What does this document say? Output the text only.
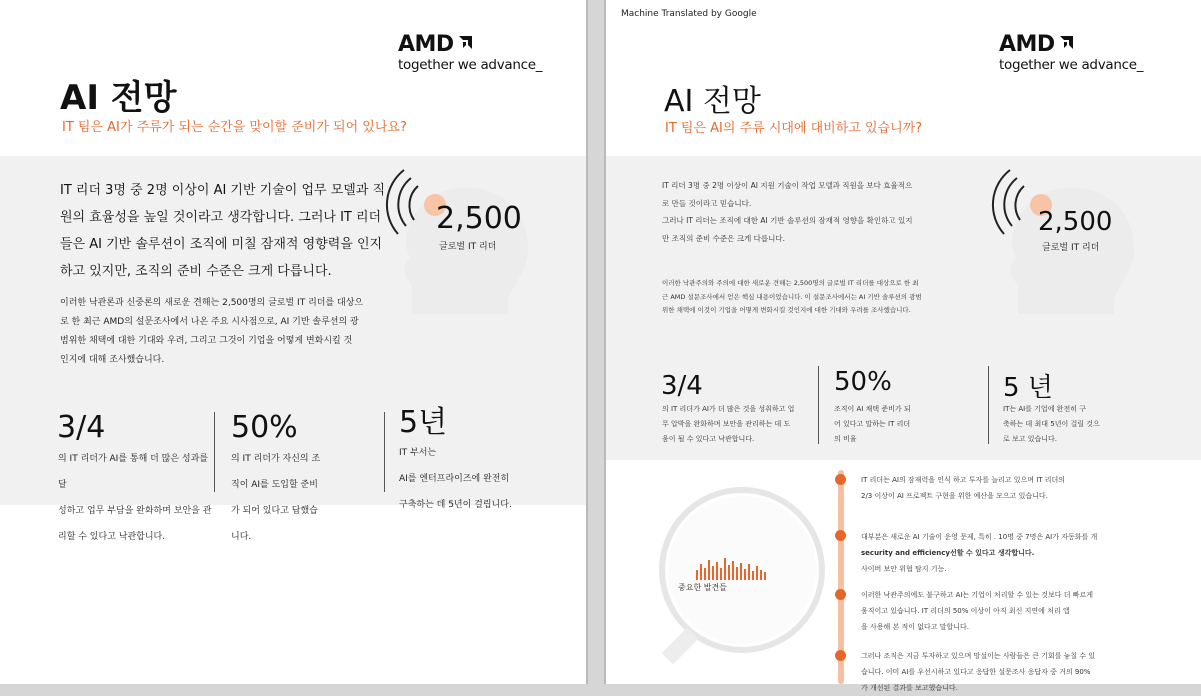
AMD
together we advance_
AI 전망
IT 팀은 AI가 주류가 되는 순간을 맞이할 준비가 되어 있나요?
IT 리더 3명 중 2명 이상이 AI 기반 기술이 업무 모델과 직
원의 효율성을 높일 것이라고 생각합니다. 그러나 IT 리더
들은 AI 기반 솔루션이 조직에 미칠 잠재적 영향력을 인지
하고 있지만, 조직의 준비 수준은 크게 다릅니다.
이러한 낙관론과 신중론의 새로운 견해는 2,500명의 글로벌 IT 리더를 대상으
로 한 최근 AMD의 설문조사에서 나온 주요 시사점으로, AI 기반 솔루션의 광
범위한 채택에 대한 기대와 우려, 그리고 그것이 기업을 어떻게 변화시킬 것
인지에 대해 조사했습니다.
2,500
글로벌 IT 리더
3/4
의 IT 리더가 AI를 통해 더 많은 성과를 달
성하고 업무 부담을 완화하며 보안을 관
리할 수 있다고 낙관합니다.
50%
의 IT 리더가 자신의 조
직이 AI를 도입할 준비
가 되어 있다고 답했습
니다.
5년
IT 부서는
AI를 엔터프라이즈에 완전히
구축하는 데 5년이 걸립니다.
Machine Translated by Google
AMD
together we advance_
AI 전망
IT 팀은 AI의 주류 시대에 대비하고 있습니까?
IT 리더 3명 중 2명 이상이 AI 지원 기술이 작업 모델과 직원을 보다 효율적으
로 만들 것이라고 믿습니다.
그러나 IT 리더는 조직에 대한 AI 기반 솔루션의 잠재적 영향을 확인하고 있지
만 조직의 준비 수준은 크게 다릅니다.
이러한 낙관주의와 주의에 대한 새로운 견해는 2,500명의 글로벌 IT 리더를 대상으로 한 최
근 AMD 설문조사에서 얻은 핵심 내용이었습니다. 이 설문조사에서는 AI 기반 솔루션의 광범
위한 채택에 이것이 기업을 어떻게 변화시킬 것인지에 대한 기대와 우려를 조사했습니다.
2,500
글로벌 IT 리더
3/4
의 IT 리더가 AI가 더 많은 것을 성취하고 업
무 압박을 완화하며 보안을 관리하는 데 도
움이 될 수 있다고 낙관합니다.
50%
조직이 AI 채택 준비가 되
어 있다고 말하는 IT 리더
의 비율
5 년
IT는 AI를 기업에 완전히 구
축하는 데 최대 5년이 걸릴 것으
로 보고 있습니다.
중요한 발견들
IT 리더는 AI의 잠재력을 인식 하고 투자를 늘리고 있으며 IT 리더의
2/3 이상이 AI 프로젝트 구현을 위한 예산을 모으고 있습니다.
대부분은 새로운 AI 기술이 운영 문제, 특히 . 10명 중 7명은 AI가 자동화를 개
security and efficiency선할 수 있다고 생각합니다.
사이버 보안 위협 탐지 기능.
이러한 낙관주의에도 불구하고 AI는 기업이 처리할 수 있는 것보다 더 빠르게
움직이고 있습니다. IT 리더의 50% 이상이 아직 최신 지연에 처리 앱
을 사용해 본 적이 없다고 말합니다.
그러나 조직은 지금 투자하고 있으며 망설이는 사람들은 큰 기회를 놓칠 수 있
습니다. 이미 AI를 우선시하고 있다고 응답한 설문조사 응답자 중 거의 90%
가 개선된 결과를 보고했습니다.
